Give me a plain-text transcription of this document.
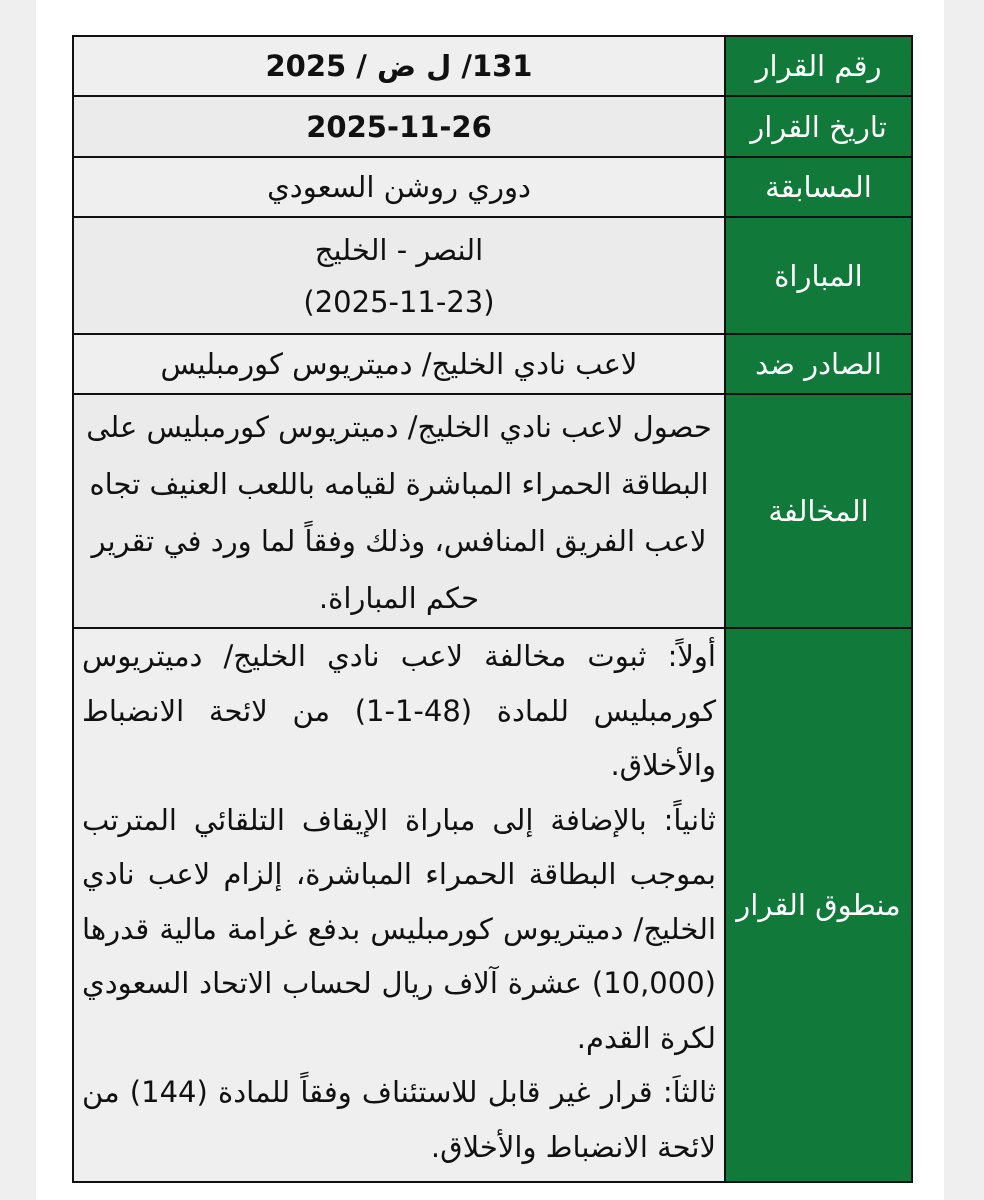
رقم القرار	131/ ل ض / 2025
تاريخ القرار	2025-11-26
المسابقة	دوري روشن السعودي
المباراة	النصر - الخليج
(2025-11-23)

الصادر ضد	لاعب نادي الخليج/ دميتريوس كورمبليس
المخالفة	حصول لاعب نادي الخليج/ دميتريوس كورمبليس على البطاقة الحمراء المباشرة لقيامه باللعب العنيف تجاه لاعب الفريق المنافس، وذلك وفقاً لما ورد في تقرير حكم المباراة.

منطوق القرار	أولاً: ثبوت مخالفة لاعب نادي الخليج/ دميتريوس كورمبليس للمادة (48-1-1) من لائحة الانضباط والأخلاق.

ثانياً: بالإضافة إلى مباراة الإيقاف التلقائي المترتب بموجب البطاقة الحمراء المباشرة، إلزام لاعب نادي الخليج/ دميتريوس كورمبليس بدفع غرامة مالية قدرها (10,000) عشرة آلاف ريال لحساب الاتحاد السعودي لكرة القدم.

ثالثاَ: قرار غير قابل للاستئناف وفقاً للمادة (144) من لائحة الانضباط والأخلاق.
